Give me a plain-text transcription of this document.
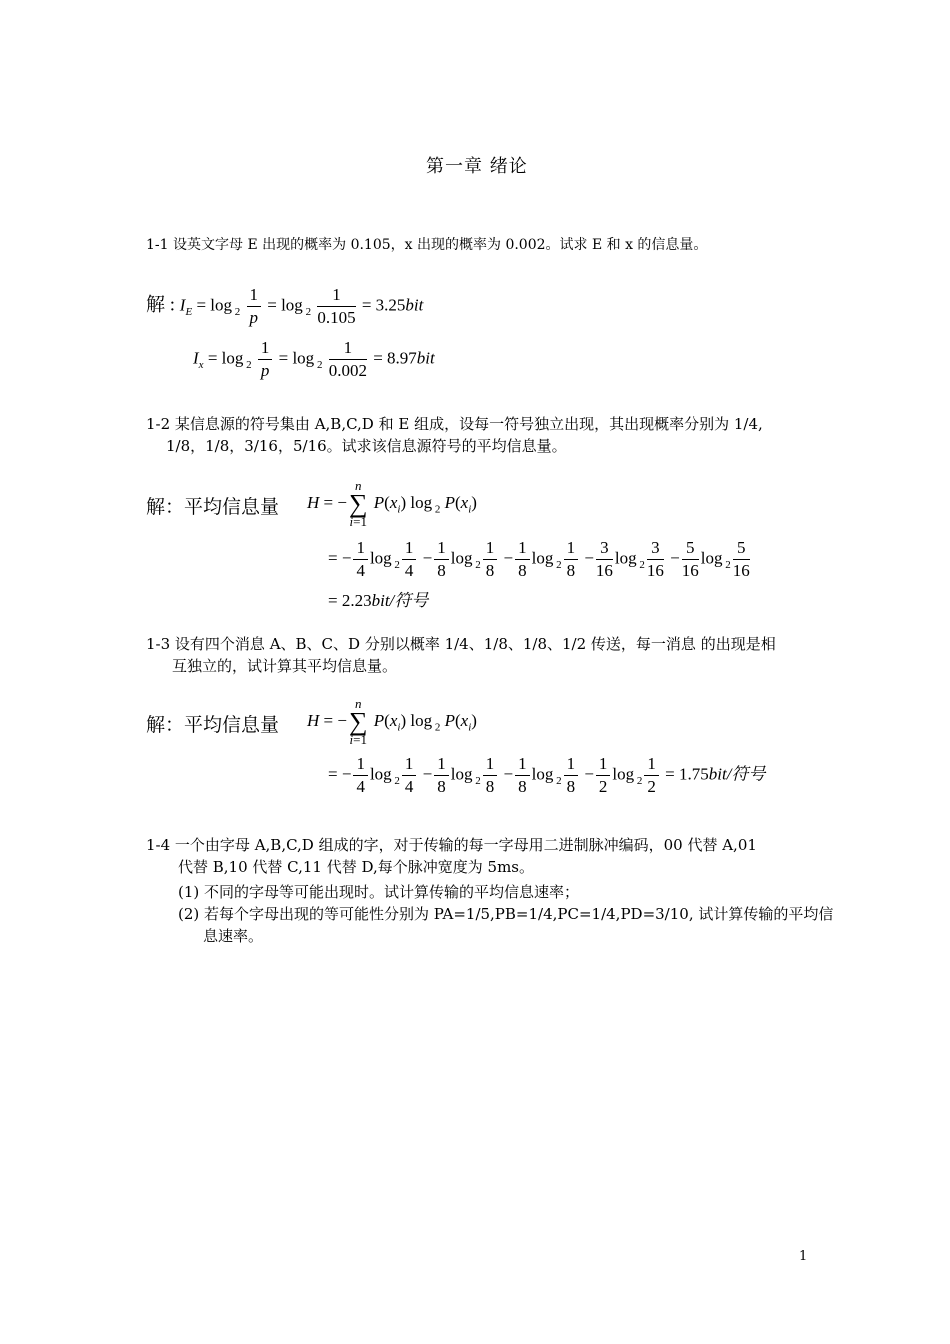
第一章 绪论
1-1 设英文字母 E 出现的概率为 0.105，x 出现的概率为 0.002。试求 E 和 x 的信息量。
解 : $I_E = \log _2 \frac{1}{p} = \log _2 \frac{1}{0.105} = 3.25bit$
$I_x = \log _2 \frac{1}{p} = \log _2 \frac{1}{0.002} = 8.97bit$
1-2 某信息源的符号集由 A,B,C,D 和 E 组成，设每一符号独立出现，其出现概率分别为 1/4,
1/8，1/8，3/16，5/16。试求该信息源符号的平均信息量。
解：平均信息量 H = −n
∑
i=1 $P(x_i)$ log $_2$ $P(x_i)$
= − $\frac{1}{4}$ $\log _2 \frac{1}{4} - \frac{1}{8}$ $\log _2 \frac{1}{8} - \frac{1}{8}$ $\log _2 \frac{1}{8} - \frac{3}{16}$ $\log _2 \frac{3}{16} - \frac{5}{16}$ $\log _2 \frac{5}{16}$
= 2.23bit/符号
1-3 设有四个消息 A、B、C、D 分别以概率 1/4、1/8、1/8、1/2 传送，每一消息 的出现是相
互独立的，试计算其平均信息量。
解：平均信息量 H = −n
∑
i=1 $P(x_i)$ log $_2$ $P(x_i)$
= − $\frac{1}{4}$ $\log _2 \frac{1}{4} - \frac{1}{8}$ $\log _2 \frac{1}{8} - \frac{1}{8}$ $\log _2 \frac{1}{8} - \frac{1}{2}$ $\log _2 \frac{1}{2} = 1.75bit/$符号
1-4 一个由字母 A,B,C,D 组成的字，对于传输的每一字母用二进制脉冲编码，00 代替 A,01
代替 B,10 代替 C,11 代替 D,每个脉冲宽度为 5ms。
(1) 不同的字母等可能出现时。试计算传输的平均信息速率；
(2) 若每个字母出现的等可能性分别为 PA=1/5,PB=1/4,PC=1/4,PD=3/10, 试计算传输的平均信
息速率。
1
